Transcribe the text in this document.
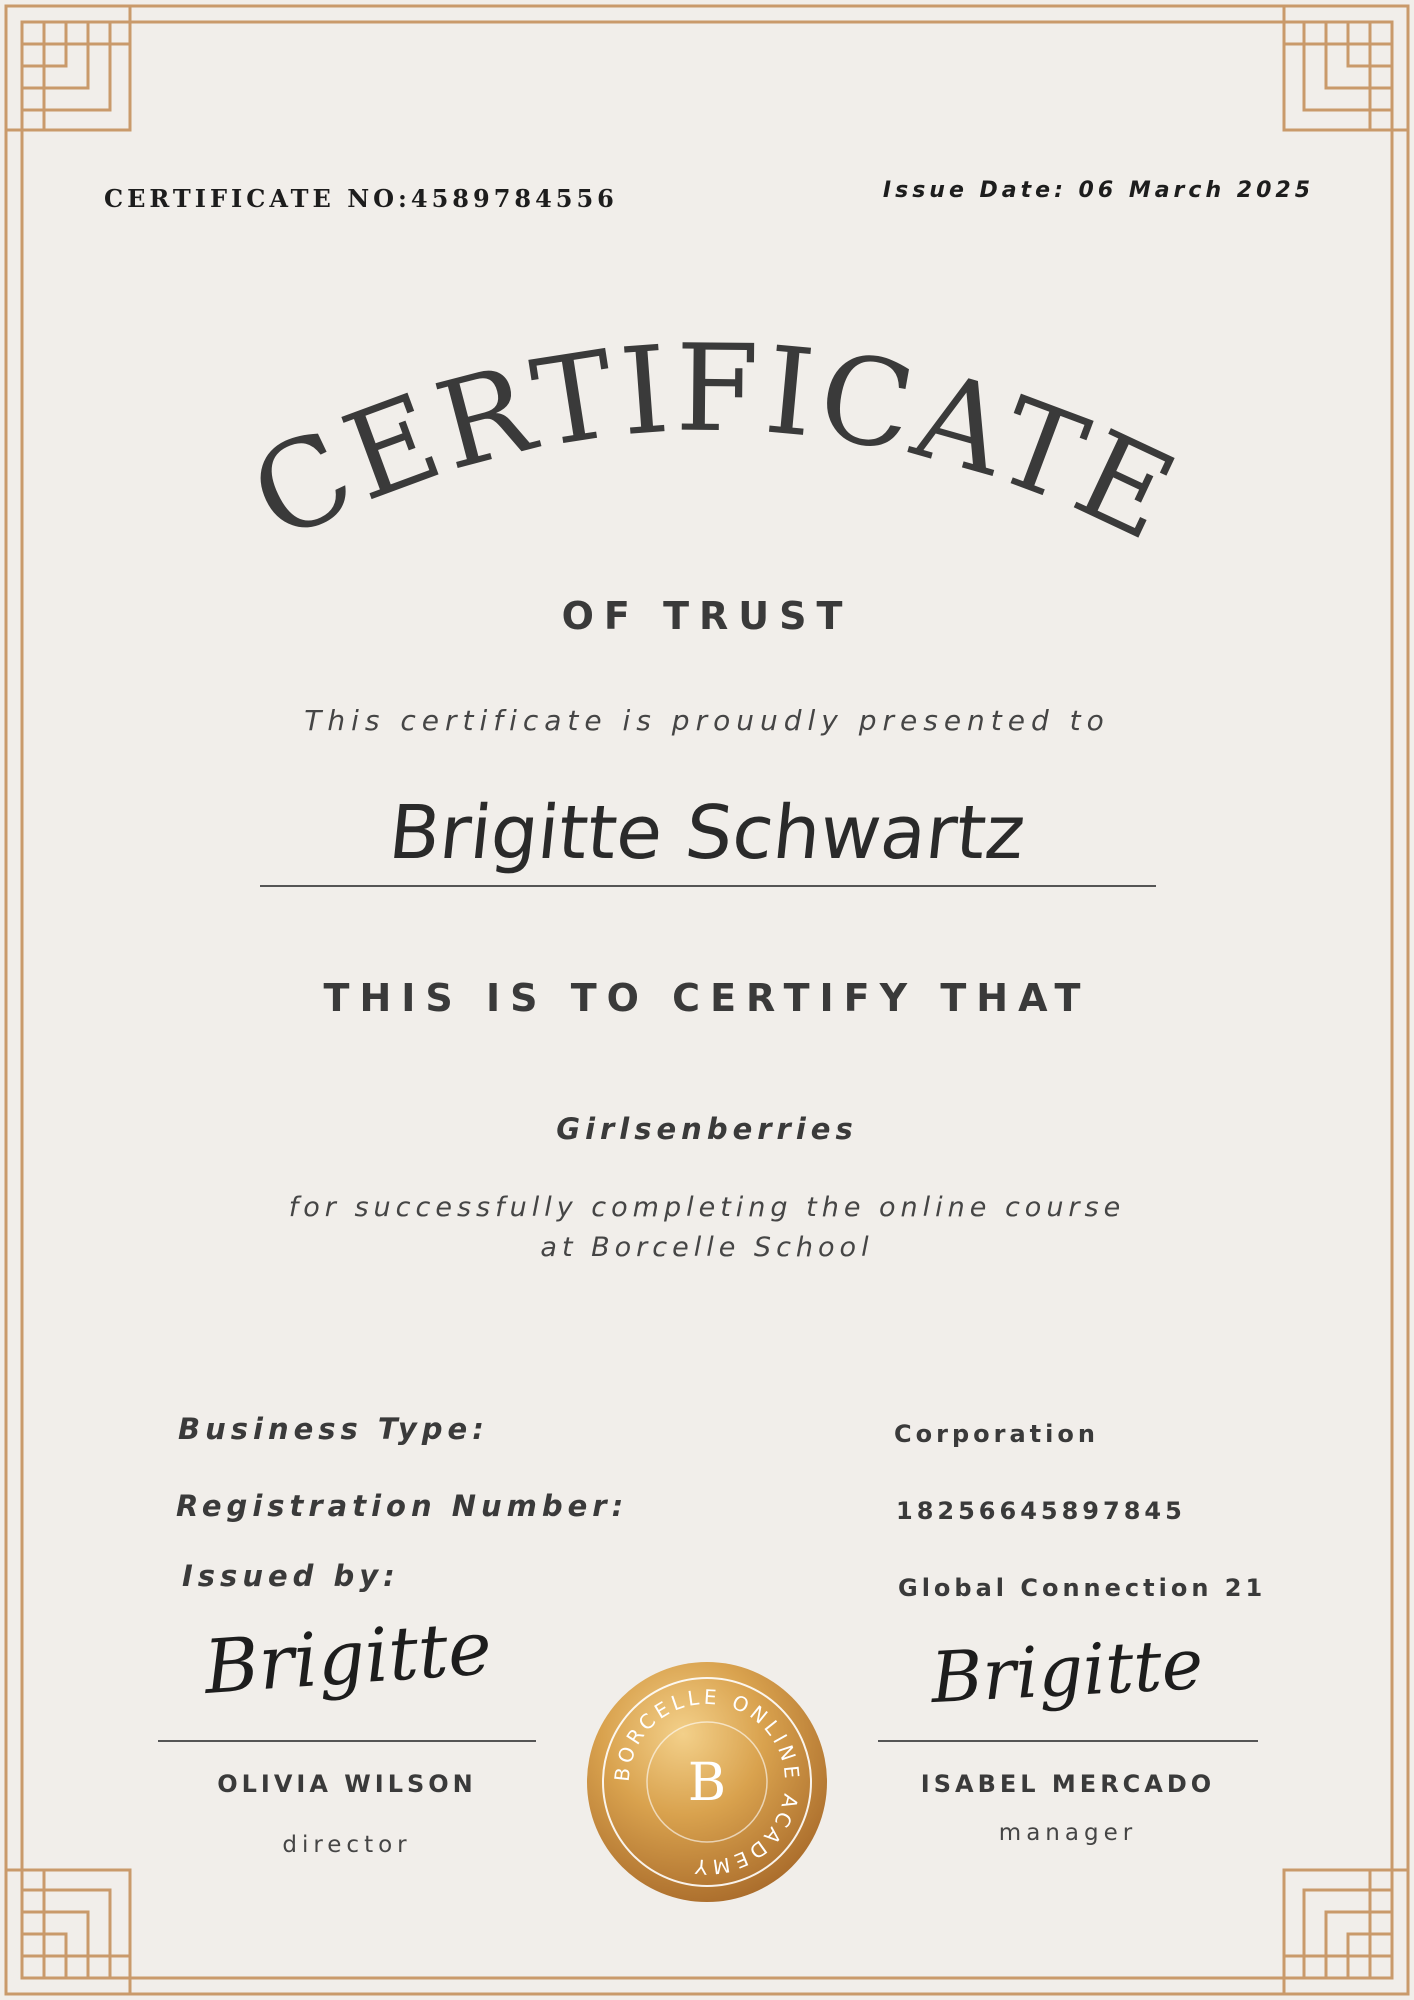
CERTIFICATE NO:4589784556	Issue Date: 06 March 2025
CERTIFICATE
OF TRUST
This certificate is prouudly presented to
Brigitte Schwartz
THIS IS TO CERTIFY THAT
Girlsenberries
for successfully completing the online course
at Borcelle School
Business Type:	Corporation
Registration Number:	18256645897845
Issued by:	Global Connection 21
Brigitte
OLIVIA WILSON
director
Brigitte
ISABEL MERCADO
manager
BORCELLE ONLINE ACADEMY
B
